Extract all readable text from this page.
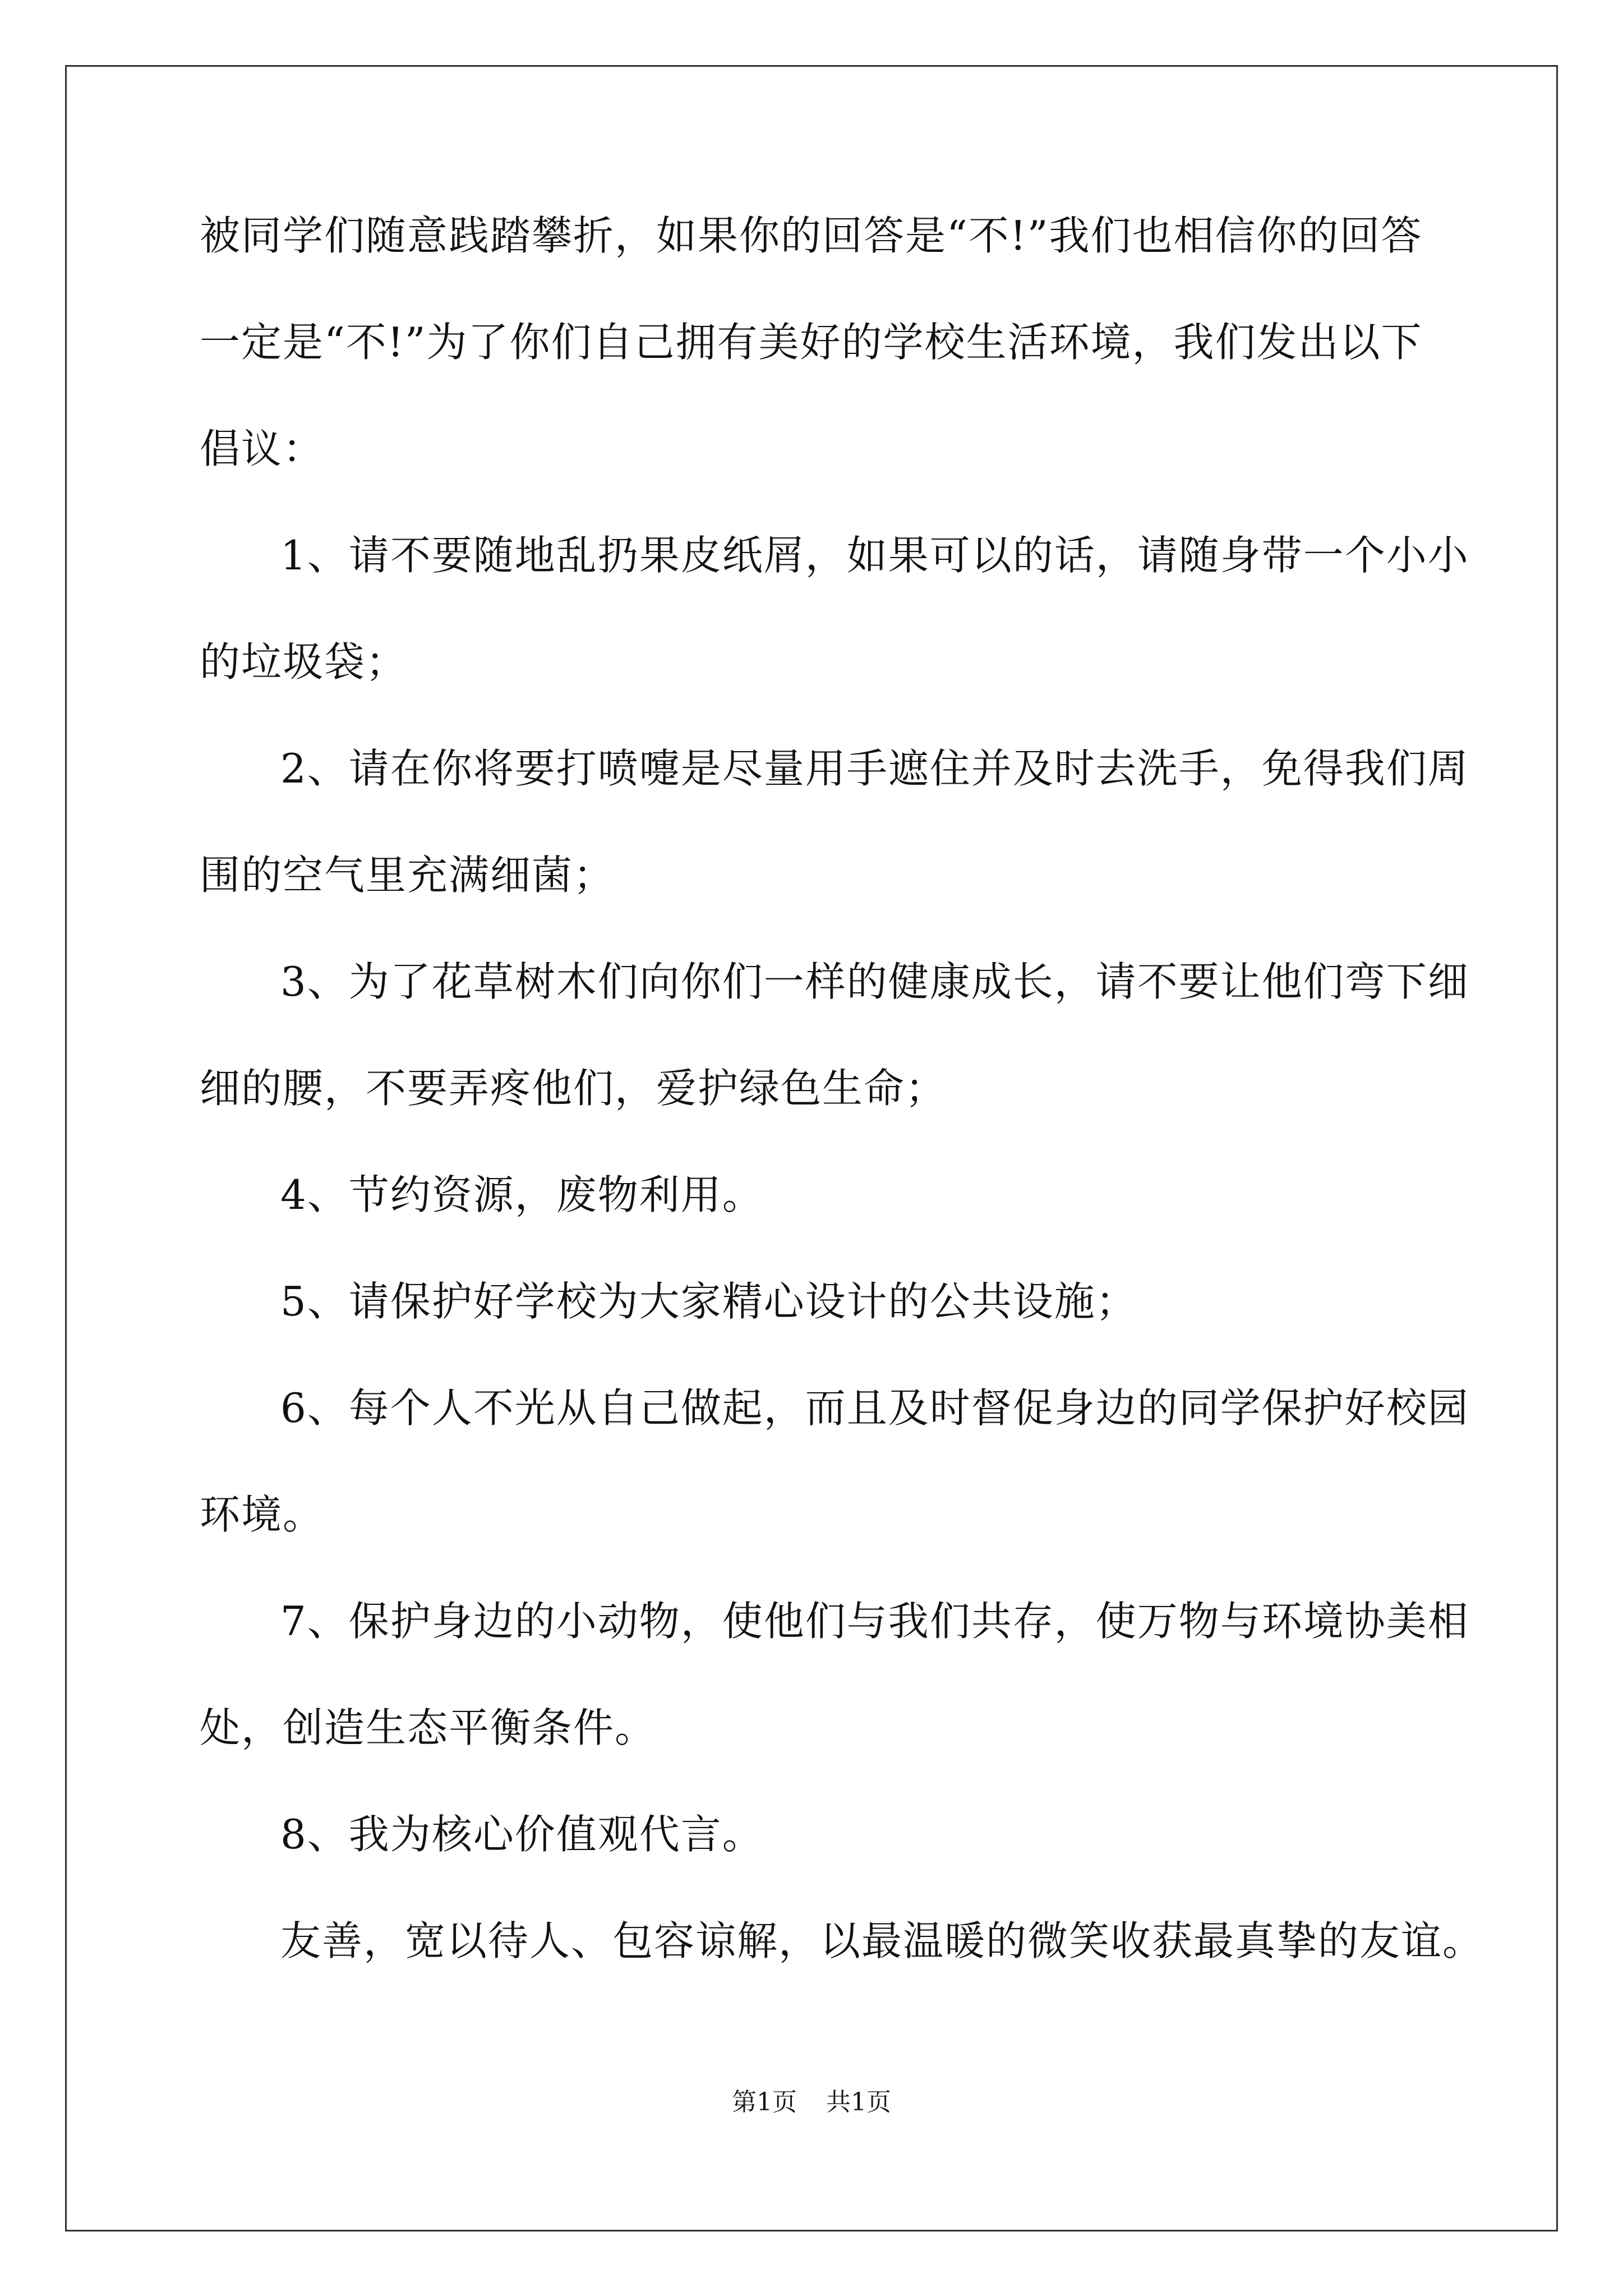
被同学们随意践踏攀折，如果你的回答是“不!”我们也相信你的回答
一定是“不!”为了你们自己拥有美好的学校生活环境，我们发出以下
倡议：
1、请不要随地乱扔果皮纸屑，如果可以的话，请随身带一个小小
的垃圾袋；
2、请在你将要打喷嚏是尽量用手遮住并及时去洗手，免得我们周
围的空气里充满细菌；
3、为了花草树木们向你们一样的健康成长，请不要让他们弯下细
细的腰，不要弄疼他们，爱护绿色生命；
4、节约资源，废物利用。
5、请保护好学校为大家精心设计的公共设施；
6、每个人不光从自己做起，而且及时督促身边的同学保护好校园
环境。
7、保护身边的小动物，使他们与我们共存，使万物与环境协美相
处，创造生态平衡条件。
8、我为核心价值观代言。
友善，宽以待人、包容谅解，以最温暖的微笑收获最真挚的友谊。
第1页 共1页
